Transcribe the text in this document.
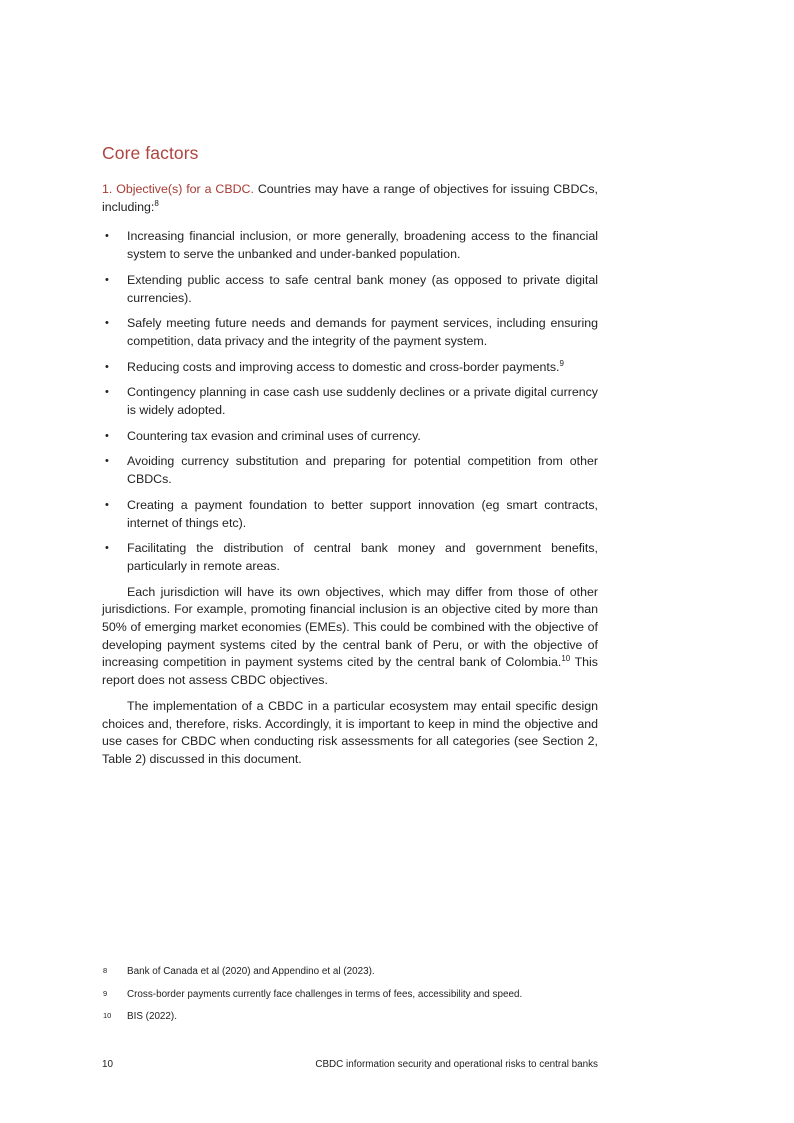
Core factors

1. Objective(s) for a CBDC. Countries may have a range of objectives for issuing CBDCs, including:$^8$

• Increasing financial inclusion, or more generally, broadening access to the financial system to serve the unbanked and under-banked population.
• Extending public access to safe central bank money (as opposed to private digital currencies).
• Safely meeting future needs and demands for payment services, including ensuring competition, data privacy and the integrity of the payment system.
• Reducing costs and improving access to domestic and cross-border payments.$^9$
• Contingency planning in case cash use suddenly declines or a private digital currency is widely adopted.
• Countering tax evasion and criminal uses of currency.
• Avoiding currency substitution and preparing for potential competition from other CBDCs.
• Creating a payment foundation to better support innovation (eg smart contracts, internet of things etc).
• Facilitating the distribution of central bank money and government benefits, particularly in remote areas.

Each jurisdiction will have its own objectives, which may differ from those of other jurisdictions. For example, promoting financial inclusion is an objective cited by more than 50% of emerging market economies (EMEs). This could be combined with the objective of developing payment systems cited by the central bank of Peru, or with the objective of increasing competition in payment systems cited by the central bank of Colombia.$^{10}$ This report does not assess CBDC objectives.

The implementation of a CBDC in a particular ecosystem may entail specific design choices and, therefore, risks. Accordingly, it is important to keep in mind the objective and use cases for CBDC when conducting risk assessments for all categories (see Section 2, Table 2) discussed in this document.

8 Bank of Canada et al (2020) and Appendino et al (2023).
9 Cross-border payments currently face challenges in terms of fees, accessibility and speed.
10 BIS (2022).
10	CBDC information security and operational risks to central banks
